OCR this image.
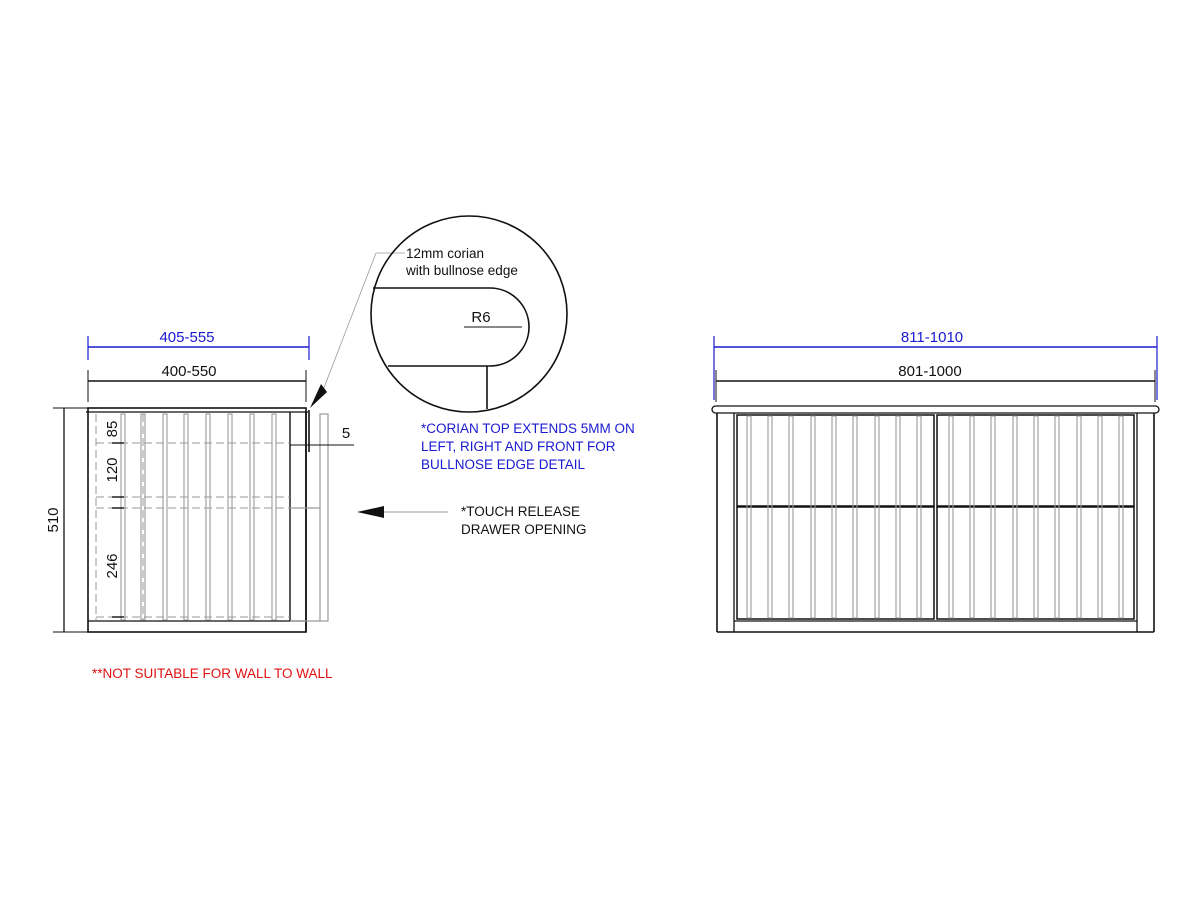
405-555
400-550
510
85
120
246
5
R6
811-1010
801-1000
12mm corian
with bullnose edge
*CORIAN TOP EXTENDS 5MM ON
LEFT, RIGHT AND FRONT FOR
BULLNOSE EDGE DETAIL
*TOUCH RELEASE
DRAWER OPENING
**NOT SUITABLE FOR WALL TO WALL
